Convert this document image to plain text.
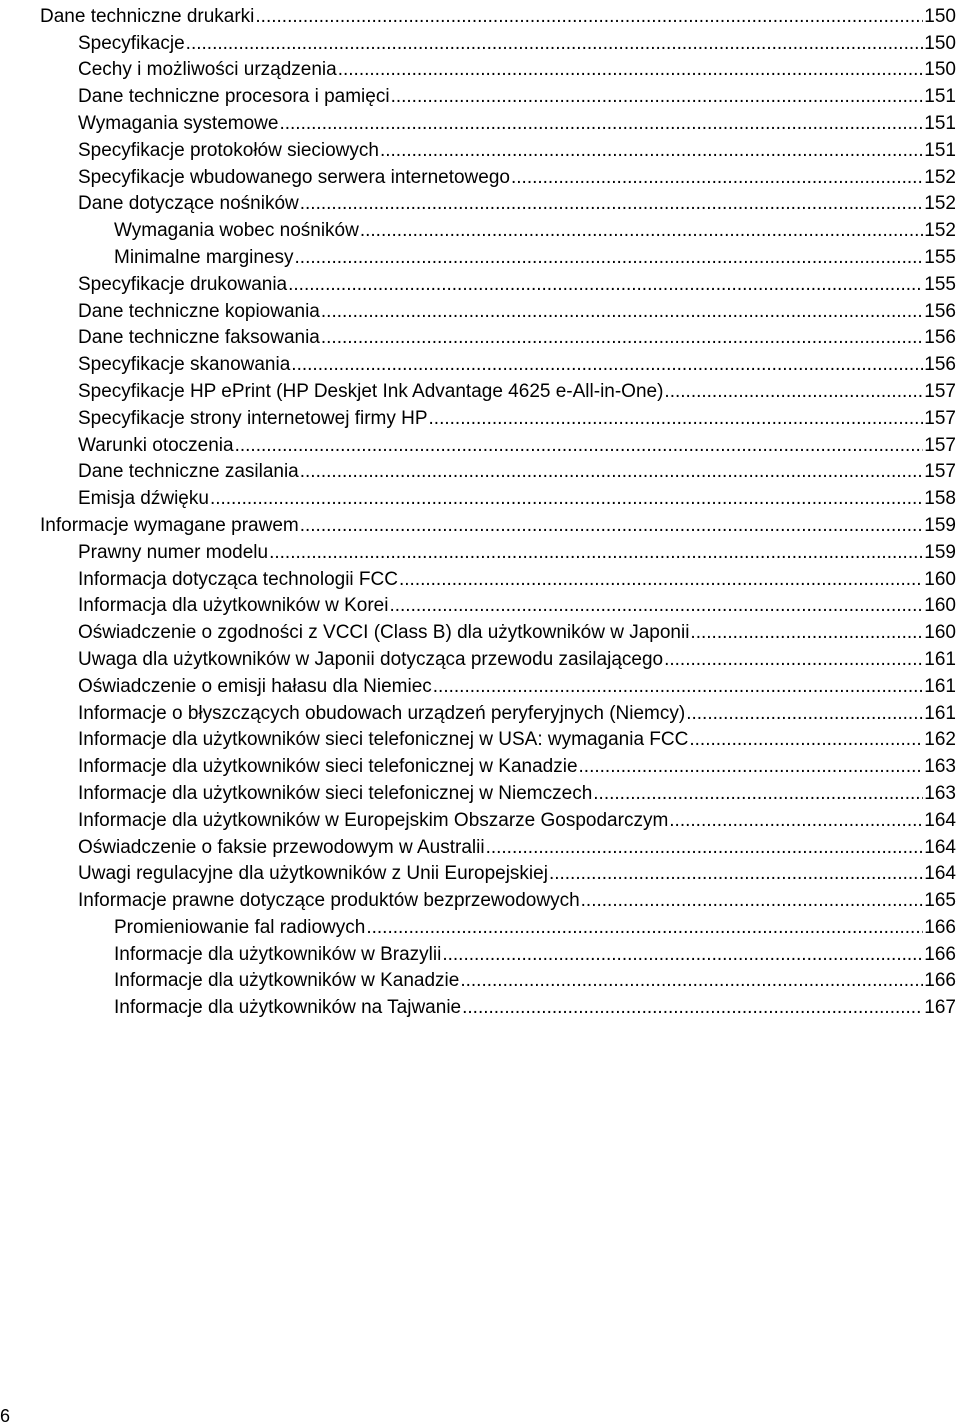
Dane techniczne drukarki .....	150
Specyfikacje .....	150
Cechy i możliwości urządzenia .....	150
Dane techniczne procesora i pamięci .....	151
Wymagania systemowe .....	151
Specyfikacje protokołów sieciowych .....	151
Specyfikacje wbudowanego serwera internetowego .....	152
Dane dotyczące nośników .....	152
Wymagania wobec nośników .....	152
Minimalne marginesy .....	155
Specyfikacje drukowania .....	155
Dane techniczne kopiowania .....	156
Dane techniczne faksowania .....	156
Specyfikacje skanowania .....	156
Specyfikacje HP ePrint (HP Deskjet Ink Advantage 4625 e-All-in-One) .....	157
Specyfikacje strony internetowej firmy HP .....	157
Warunki otoczenia .....	157
Dane techniczne zasilania .....	157
Emisja dźwięku .....	158
Informacje wymagane prawem .....	159
Prawny numer modelu .....	159
Informacja dotycząca technologii FCC .....	160
Informacja dla użytkowników w Korei .....	160
Oświadczenie o zgodności z VCCI (Class B) dla użytkowników w Japonii .....	160
Uwaga dla użytkowników w Japonii dotycząca przewodu zasilającego .....	161
Oświadczenie o emisji hałasu dla Niemiec .....	161
Informacje o błyszczących obudowach urządzeń peryferyjnych (Niemcy) .....	161
Informacje dla użytkowników sieci telefonicznej w USA: wymagania FCC .....	162
Informacje dla użytkowników sieci telefonicznej w Kanadzie .....	163
Informacje dla użytkowników sieci telefonicznej w Niemczech .....	163
Informacje dla użytkowników w Europejskim Obszarze Gospodarczym .....	164
Oświadczenie o faksie przewodowym w Australii .....	164
Uwagi regulacyjne dla użytkowników z Unii Europejskiej .....	164
Informacje prawne dotyczące produktów bezprzewodowych .....	165
Promieniowanie fal radiowych .....	166
Informacje dla użytkowników w Brazylii .....	166
Informacje dla użytkowników w Kanadzie .....	166
Informacje dla użytkowników na Tajwanie .....	167
6
